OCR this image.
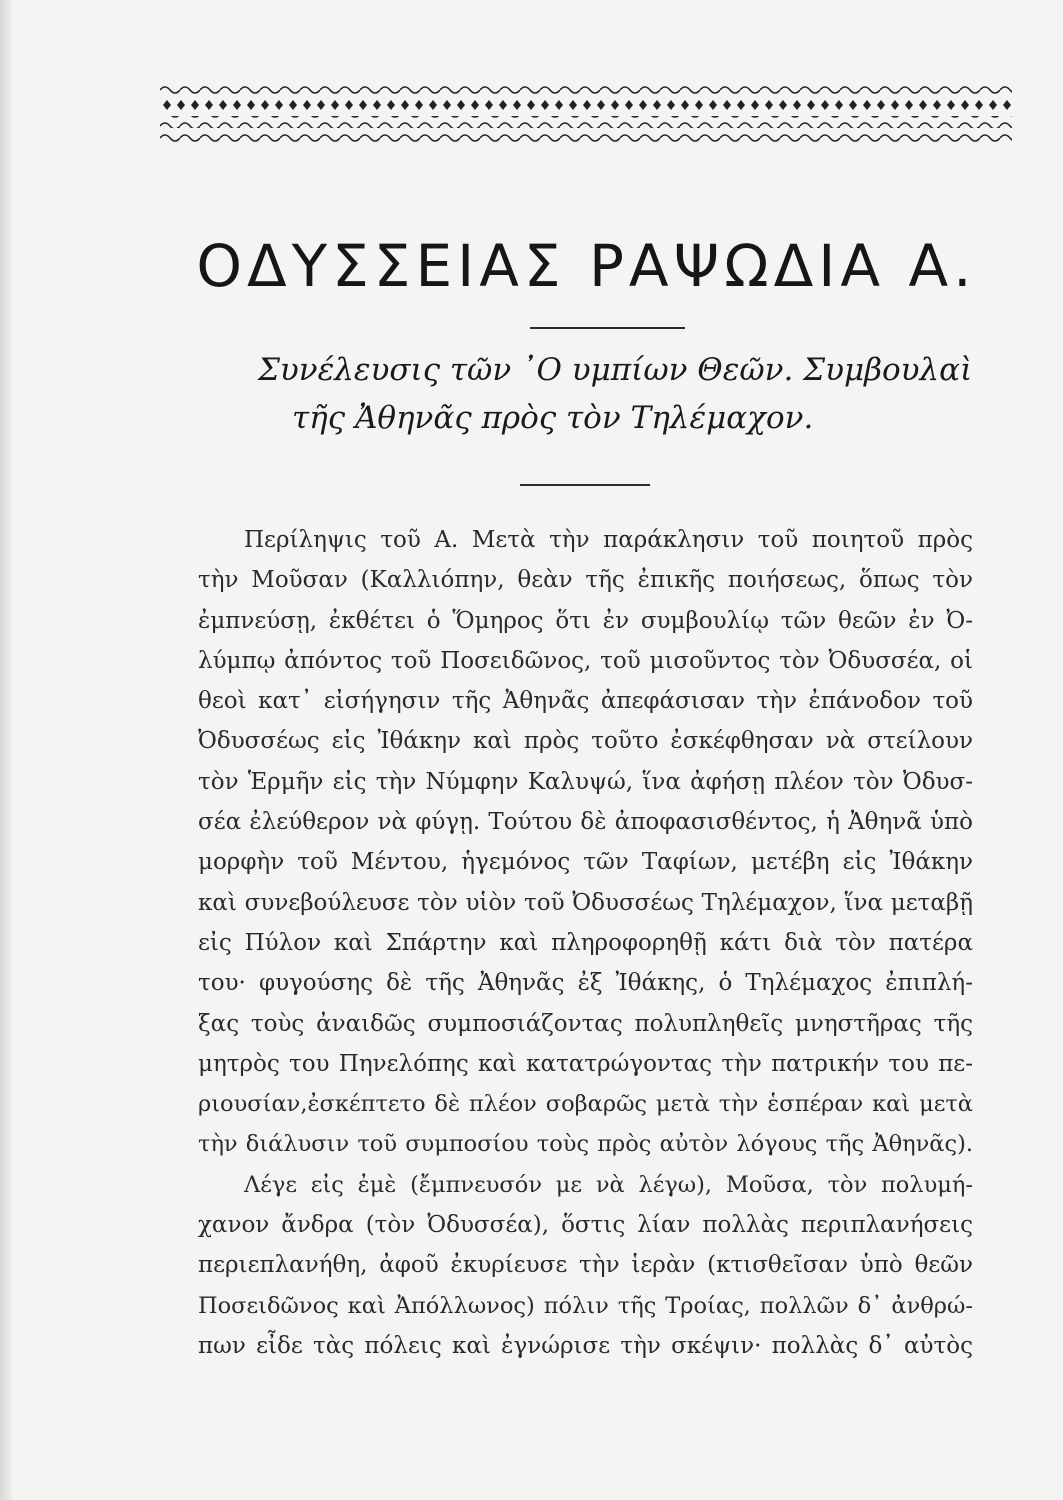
ΟΔΥΣΣΕΙΑΣ ΡΑΨΩΔΙΑ Α.
Συνέλευσις τῶν ᾿Ο υμπίων Θεῶν. Συμβουλαὶ
τῆς Ἀθηνᾶς πρὸς τὸν Τηλέμαχον.
Περίληψις τοῦ Α. Μετὰ τὴν παράκλησιν τοῦ ποιητοῦ πρὸς
τὴν Μοῦσαν (Καλλιόπην, θεὰν τῆς ἐπικῆς ποιήσεως, ὅπως τὸν
ἐμπνεύσῃ, ἐκθέτει ὁ Ὅμηρος ὅτι ἐν συμβουλίῳ τῶν θεῶν ἐν Ὀ-
λύμπῳ ἀπόντος τοῦ Ποσειδῶνος, τοῦ μισοῦντος τὸν Ὀδυσσέα, οἱ
θεοὶ κατ᾿ εἰσήγησιν τῆς Ἀθηνᾶς ἀπεφάσισαν τὴν ἐπάνοδον τοῦ
Ὀδυσσέως εἰς Ἰθάκην καὶ πρὸς τοῦτο ἐσκέφθησαν νὰ στείλουν
τὸν Ἑρμῆν εἰς τὴν Νύμφην Καλυψώ, ἵνα ἀφήσῃ πλέον τὸν Ὀδυσ-
σέα ἐλεύθερον νὰ φύγῃ. Τούτου δὲ ἀποφασισθέντος, ἡ Ἀθηνᾶ ὑπὸ
μορφὴν τοῦ Μέντου, ἡγεμόνος τῶν Ταφίων, μετέβη εἰς Ἰθάκην
καὶ συνεβούλευσε τὸν υἱὸν τοῦ Ὀδυσσέως Τηλέμαχον, ἵνα μεταβῇ
εἰς Πύλον καὶ Σπάρτην καὶ πληροφορηθῇ κάτι διὰ τὸν πατέρα
του· φυγούσης δὲ τῆς Ἀθηνᾶς ἐξ Ἰθάκης, ὁ Τηλέμαχος ἐπιπλή-
ξας τοὺς ἀναιδῶς συμποσιάζοντας πολυπληθεῖς μνηστῆρας τῆς
μητρὸς του Πηνελόπης καὶ κατατρώγοντας τὴν πατρικήν του πε-
ριουσίαν,ἐσκέπτετο δὲ πλέον σοβαρῶς μετὰ τὴν ἑσπέραν καὶ μετὰ
τὴν διάλυσιν τοῦ συμποσίου τοὺς πρὸς αὐτὸν λόγους τῆς Ἀθηνᾶς).
Λέγε εἰς ἐμὲ (ἔμπνευσόν με νὰ λέγω), Μοῦσα, τὸν πολυμή-
χανον ἄνδρα (τὸν Ὀδυσσέα), ὅστις λίαν πολλὰς περιπλανήσεις
περιεπλανήθη, ἀφοῦ ἐκυρίευσε τὴν ἱερὰν (κτισθεῖσαν ὑπὸ θεῶν
Ποσειδῶνος καὶ Ἀπόλλωνος) πόλιν τῆς Τροίας, πολλῶν δ᾿ ἀνθρώ-
πων εἶδε τὰς πόλεις καὶ ἐγνώρισε τὴν σκέψιν· πολλὰς δ᾿ αὐτὸς
